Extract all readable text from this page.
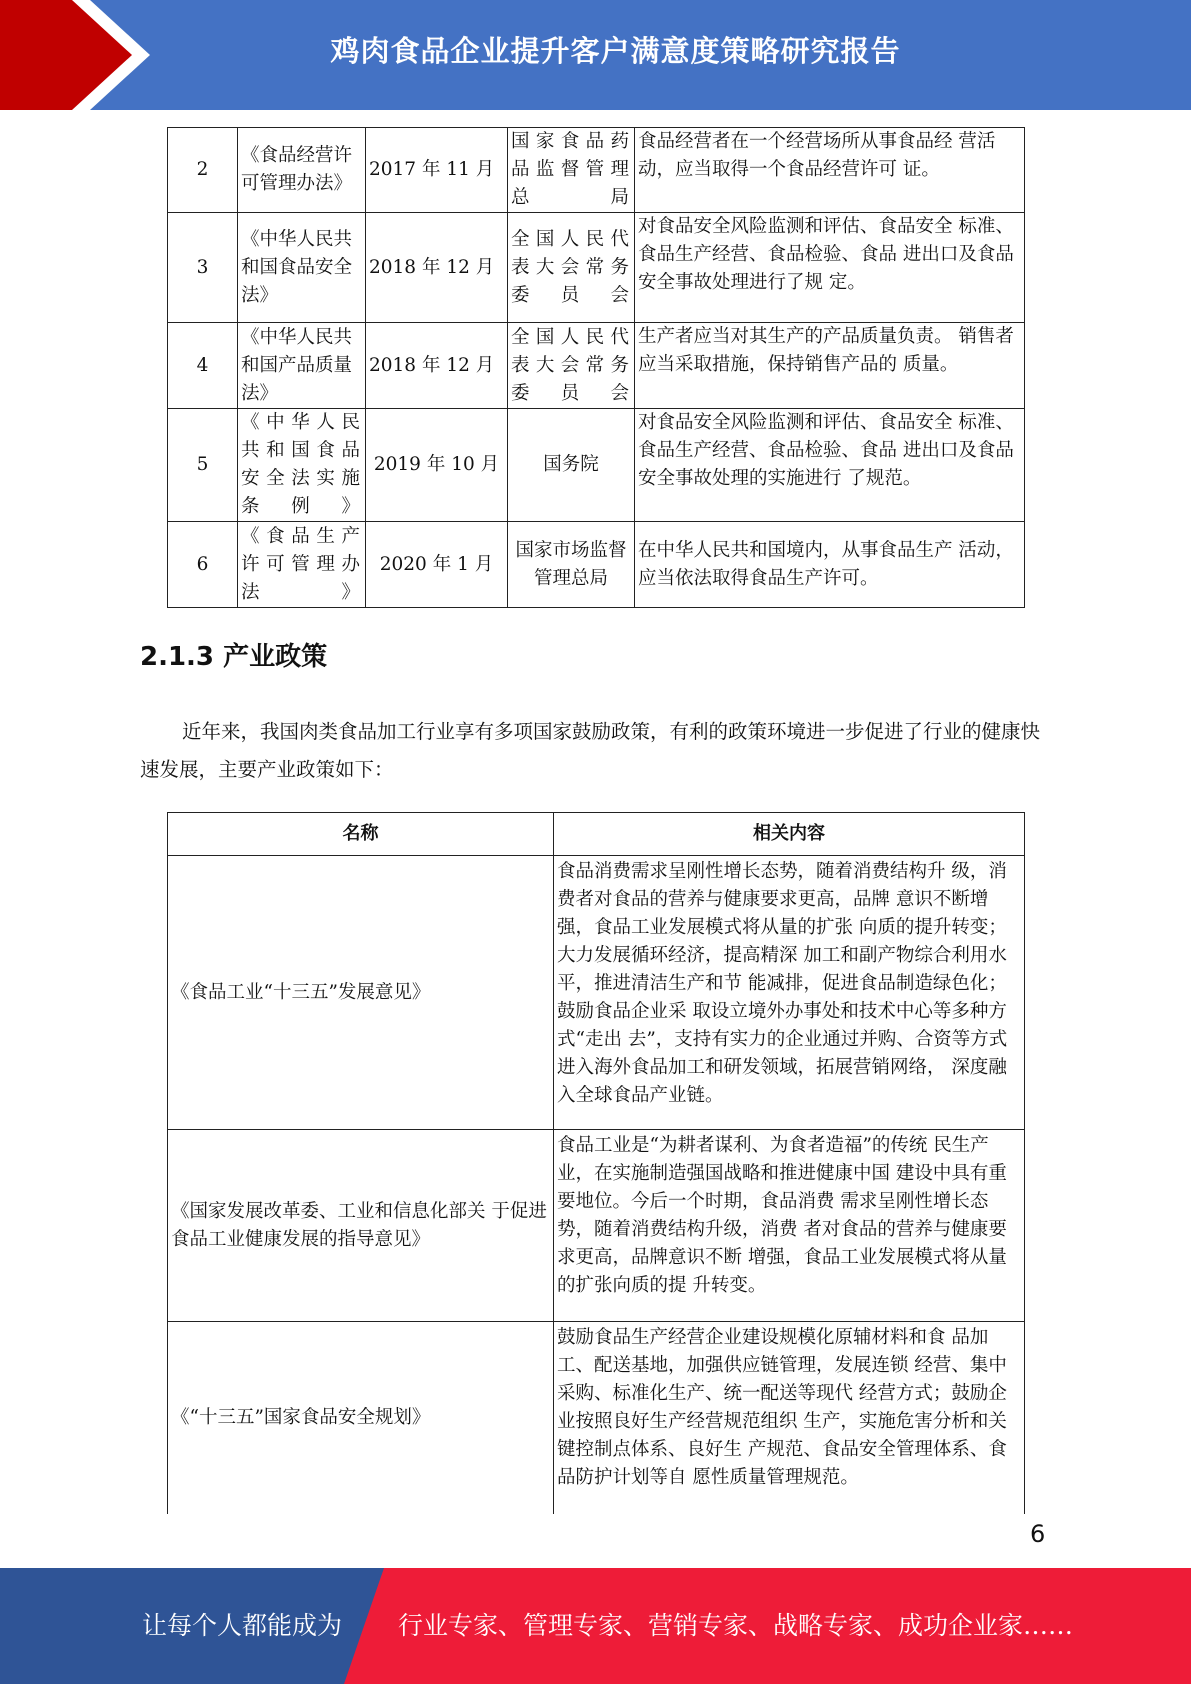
鸡肉食品企业提升客户满意度策略研究报告
2	《食品经营许可管理办法》	2017 年 11 月	国家食品药品监督管理总局	食品经营者在一个经营场所从事食品经 营活动，应当取得一个食品经营许可 证。
3	《中华人民共和国食品安全法》	2018 年 12 月	全国人民代表大会常务委员会	对食品安全风险监测和评估、食品安全 标准、食品生产经营、食品检验、食品 进出口及食品安全事故处理进行了规 定。
4	《中华人民共和国产品质量法》	2018 年 12 月	全国人民代表大会常务委员会	生产者应当对其生产的产品质量负责。 销售者应当采取措施，保持销售产品的 质量。
5	《中华人民共和国食品安全法实施条例》	2019 年 10 月	国务院	对食品安全风险监测和评估、食品安全 标准、食品生产经营、食品检验、食品 进出口及食品安全事故处理的实施进行 了规范。
6	《食品生产许可管理办法》	2020 年 1 月	国家市场监督管理总局	在中华人民共和国境内，从事食品生产 活动，应当依法取得食品生产许可。
2.1.3 产业政策
近年来，我国肉类食品加工行业享有多项国家鼓励政策，有利的政策环境进一步促进了行业的健康快速发展，主要产业政策如下：
名称	相关内容
《食品工业“十三五”发展意见》	食品消费需求呈刚性增长态势，随着消费结构升 级，消费者对食品的营养与健康要求更高，品牌 意识不断增强，食品工业发展模式将从量的扩张 向质的提升转变；大力发展循环经济，提高精深 加工和副产物综合利用水平，推进清洁生产和节 能减排，促进食品制造绿色化；鼓励食品企业采 取设立境外办事处和技术中心等多种方式“走出 去”，支持有实力的企业通过并购、合资等方式 进入海外食品加工和研发领域，拓展营销网络， 深度融入全球食品产业链。
《国家发展改革委、工业和信息化部关 于促进食品工业健康发展的指导意见》	食品工业是“为耕者谋利、为食者造福”的传统 民生产业，在实施制造强国战略和推进健康中国 建设中具有重要地位。今后一个时期，食品消费 需求呈刚性增长态势，随着消费结构升级，消费 者对食品的营养与健康要求更高，品牌意识不断 增强，食品工业发展模式将从量的扩张向质的提 升转变。
《“十三五”国家食品安全规划》	鼓励食品生产经营企业建设规模化原辅材料和食 品加工、配送基地，加强供应链管理，发展连锁 经营、集中采购、标准化生产、统一配送等现代 经营方式；鼓励企业按照良好生产经营规范组织 生产，实施危害分析和关键控制点体系、良好生 产规范、食品安全管理体系、食品防护计划等自 愿性质量管理规范。
6
让每个人都能成为 行业专家、管理专家、营销专家、战略专家、成功企业家……
